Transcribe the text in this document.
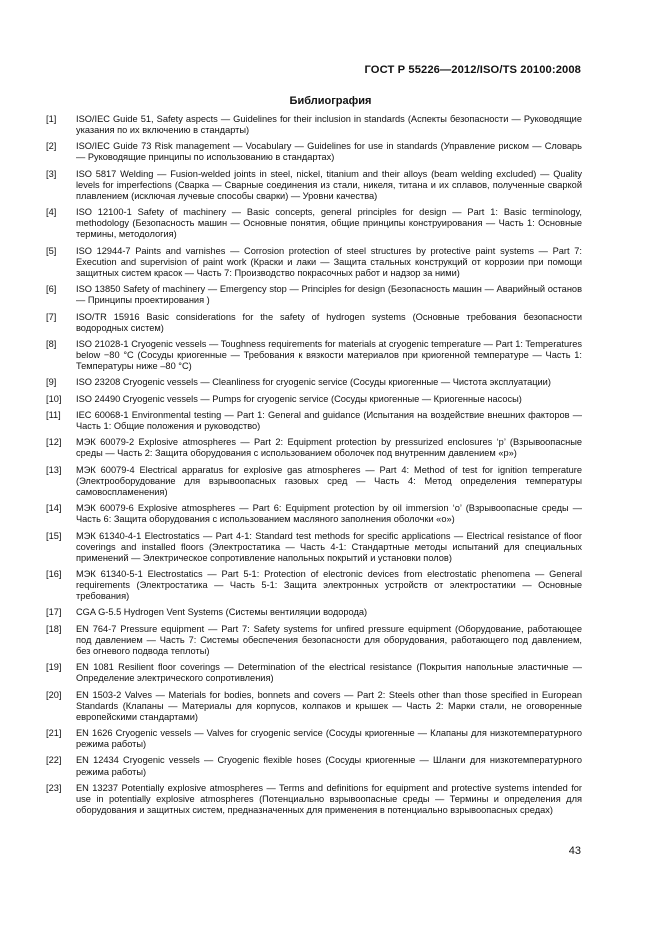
ГОСТ Р 55226—2012/ISO/TS 20100:2008
Библиография
[1]	ISO/IEC Guide 51, Safety aspects — Guidelines for their inclusion in standards (Аспекты безопасности — Руководящие указания по их включению в стандарты)
[2]	ISO/IEC Guide 73 Risk management — Vocabulary — Guidelines for use in standards (Управление риском — Словарь — Руководящие принципы по использованию в стандартах)
[3]	ISO 5817 Welding — Fusion-welded joints in steel, nickel, titanium and their alloys (beam welding excluded) — Quality levels for imperfections (Сварка — Сварные соединения из стали, никеля, титана и их сплавов, полученные сваркой плавлением (исключая лучевые способы сварки) — Уровни качества)
[4]	ISO 12100-1 Safety of machinery — Basic concepts, general principles for design — Part 1: Basic terminology, methodology (Безопасность машин — Основные понятия, общие принципы конструирования — Часть 1: Основные термины, методология)
[5]	ISO 12944-7 Paints and varnishes — Corrosion protection of steel structures by protective paint systems — Part 7: Execution and supervision of paint work (Краски и лаки — Защита стальных конструкций от коррозии при помощи защитных систем красок — Часть 7: Производство покрасочных работ и надзор за ними)
[6]	ISO 13850 Safety of machinery — Emergency stop — Principles for design (Безопасность машин — Аварийный останов — Принципы проектирования )
[7]	ISO/TR 15916 Basic considerations for the safety of hydrogen systems (Основные требования безопасности водородных систем)
[8]	ISO 21028-1 Cryogenic vessels — Toughness requirements for materials at cryogenic temperature — Part 1: Temperatures below −80 °C (Сосуды криогенные — Требования к вязкости материалов при криогенной температуре — Часть 1: Температуры ниже –80 °C)
[9]	ISO 23208 Cryogenic vessels — Cleanliness for cryogenic service (Сосуды криогенные — Чистота эксплуатации)
[10]	ISO 24490 Cryogenic vessels — Pumps for cryogenic service (Сосуды криогенные — Криогенные насосы)
[11]	IEC 60068-1 Environmental testing — Part 1: General and guidance (Испытания на воздействие внешних факторов — Часть 1: Общие положения и руководство)
[12]	МЭК 60079-2 Explosive atmospheres — Part 2: Equipment protection by pressurized enclosures ‘p’ (Взрывоопасные среды — Часть 2: Защита оборудования с использованием оболочек под внутренним давлением «р»)
[13]	МЭК 60079-4 Electrical apparatus for explosive gas atmospheres — Part 4: Method of test for ignition temperature (Электрооборудование для взрывоопасных газовых сред — Часть 4: Метод определения температуры самовоспламенения)
[14]	МЭК 60079-6 Explosive atmospheres — Part 6: Equipment protection by oil immersion ‘o’ (Взрывоопасные среды — Часть 6: Защита оборудования с использованием масляного заполнения оболочки «о»)
[15]	МЭК 61340-4-1 Electrostatics — Part 4-1: Standard test methods for specific applications — Electrical resistance of floor coverings and installed floors (Электростатика — Часть 4-1: Стандартные методы испытаний для специальных применений — Электрическое сопротивление напольных покрытий и установки полов)
[16]	МЭК 61340-5-1 Electrostatics — Part 5-1: Protection of electronic devices from electrostatic phenomena — General requirements (Электростатика — Часть 5-1: Защита электронных устройств от электростатики — Основные требования)
[17]	CGA G-5.5 Hydrogen Vent Systems (Системы вентиляции водорода)
[18]	EN 764-7 Pressure equipment — Part 7: Safety systems for unfired pressure equipment (Оборудование, работающее под давлением — Часть 7: Системы обеспечения безопасности для оборудования, работающего под давлением, без огневого подвода теплоты)
[19]	EN 1081 Resilient floor coverings — Determination of the electrical resistance (Покрытия напольные эластичные — Определение электрического сопротивления)
[20]	EN 1503-2 Valves — Materials for bodies, bonnets and covers — Part 2: Steels other than those specified in European Standards (Клапаны — Материалы для корпусов, колпаков и крышек — Часть 2: Марки стали, не оговоренные европейскими стандартами)
[21]	EN 1626 Cryogenic vessels — Valves for cryogenic service (Сосуды криогенные — Клапаны для низкотемпературного режима работы)
[22]	EN 12434 Cryogenic vessels — Cryogenic flexible hoses (Сосуды криогенные — Шланги для низкотемпературного режима работы)
[23]	EN 13237 Potentially explosive atmospheres — Terms and definitions for equipment and protective systems intended for use in potentially explosive atmospheres (Потенциально взрывоопасные среды — Термины и определения для оборудования и защитных систем, предназначенных для применения в потенциально взрывоопасных средах)
43
